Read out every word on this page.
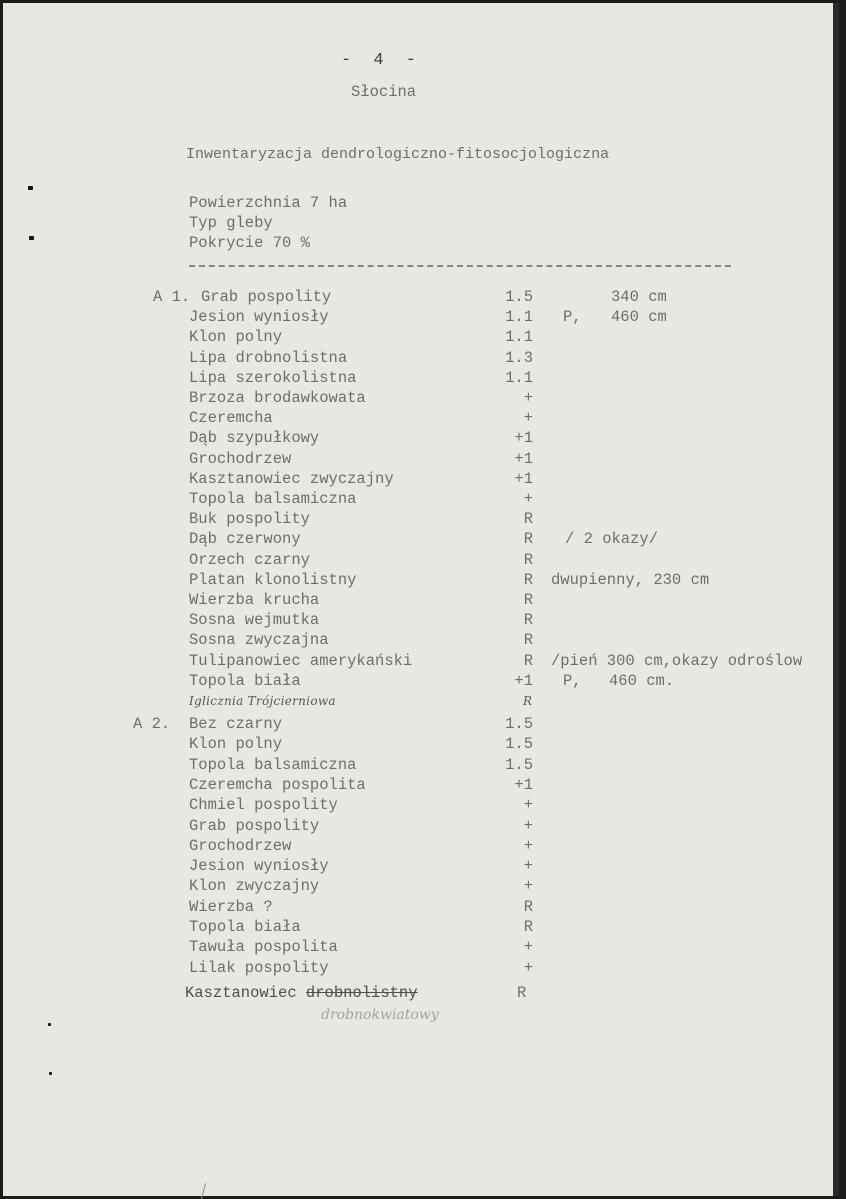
- 4 -
Słocina
Inwentaryzacja dendrologiczno-fitosocjologiczna
Powierzchnia 7 ha
Typ gleby
Pokrycie 70 %
A 1. Grab pospolity	1.5	340 cm
Jesion wyniosły	1.1 P, 460 cm
Klon polny	1.1
Lipa drobnolistna	1.3
Lipa szerokolistna	1.1
Brzoza brodawkowata	+
Czeremcha	+
Dąb szypułkowy	+1
Grochodrzew	+1
Kasztanowiec zwyczajny	+1
Topola balsamiczna	+
Buk pospolity	R
Dąb czerwony	R / 2 okazy/
Orzech czarny	R
Platan klonolistny	R dwupienny, 230 cm
Wierzba krucha	R
Sosna wejmutka	R
Sosna zwyczajna	R
Tulipanowiec amerykański	R /pień 300 cm,okazy odroślow
Topola biała	+1 P, 460 cm.
Iglicznia Trójcierniowa	R
A 2. Bez czarny	1.5
Klon polny	1.5
Topola balsamiczna	1.5
Czeremcha pospolita	+1
Chmiel pospolity	+
Grab pospolity	+
Grochodrzew	+
Jesion wyniosły	+
Klon zwyczajny	+
Wierzba ?	R
Topola biała	R
Tawuła pospolita	+
Lilak pospolity	+
Kasztanowiec drobnolistny	R
drobnokwiatowy
